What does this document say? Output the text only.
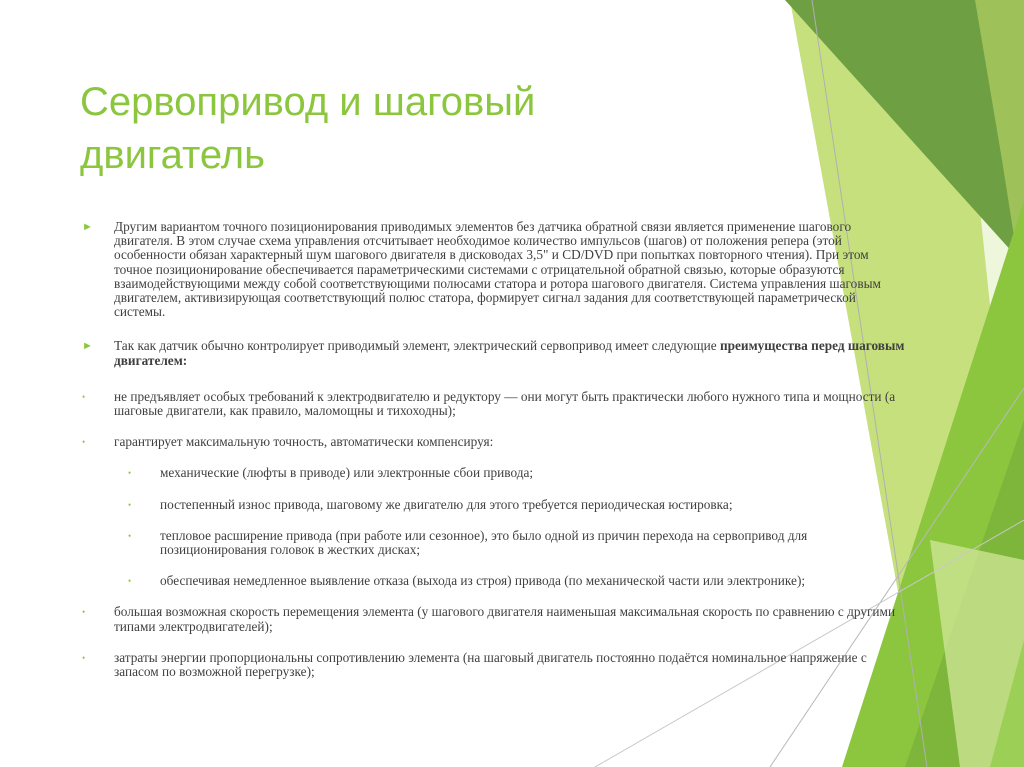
Сервопривод и шаговый
двигатель
► Другим вариантом точного позиционирования приводимых элементов без датчика обратной связи является применение шагового двигателя. В этом случае схема управления отсчитывает необходимое количество импульсов (шагов) от положения репера (этой особенности обязан характерный шум шагового двигателя в дисководах 3,5" и CD/DVD при попытках повторного чтения). При этом точное позиционирование обеспечивается параметрическими системами с отрицательной обратной связью, которые образуются взаимодействующими между собой соответствующими полюсами статора и ротора шагового двигателя. Система управления шаговым двигателем, активизирующая соответствующий полюс статора, формирует сигнал задания для соответствующей параметрической системы.
► Так как датчик обычно контролирует приводимый элемент, электрический сервопривод имеет следующие преимущества перед шаговым двигателем:
• не предъявляет особых требований к электродвигателю и редуктору — они могут быть практически любого нужного типа и мощности (а шаговые двигатели, как правило, маломощны и тихоходны);
• гарантирует максимальную точность, автоматически компенсируя:
• механические (люфты в приводе) или электронные сбои привода;
• постепенный износ привода, шаговому же двигателю для этого требуется периодическая юстировка;
• тепловое расширение привода (при работе или сезонное), это было одной из причин перехода на сервопривод для позиционирования головок в жестких дисках;
• обеспечивая немедленное выявление отказа (выхода из строя) привода (по механической части или электронике);
• большая возможная скорость перемещения элемента (у шагового двигателя наименьшая максимальная скорость по сравнению с другими типами электродвигателей);
• затраты энергии пропорциональны сопротивлению элемента (на шаговый двигатель постоянно подаётся номинальное напряжение с запасом по возможной перегрузке);
